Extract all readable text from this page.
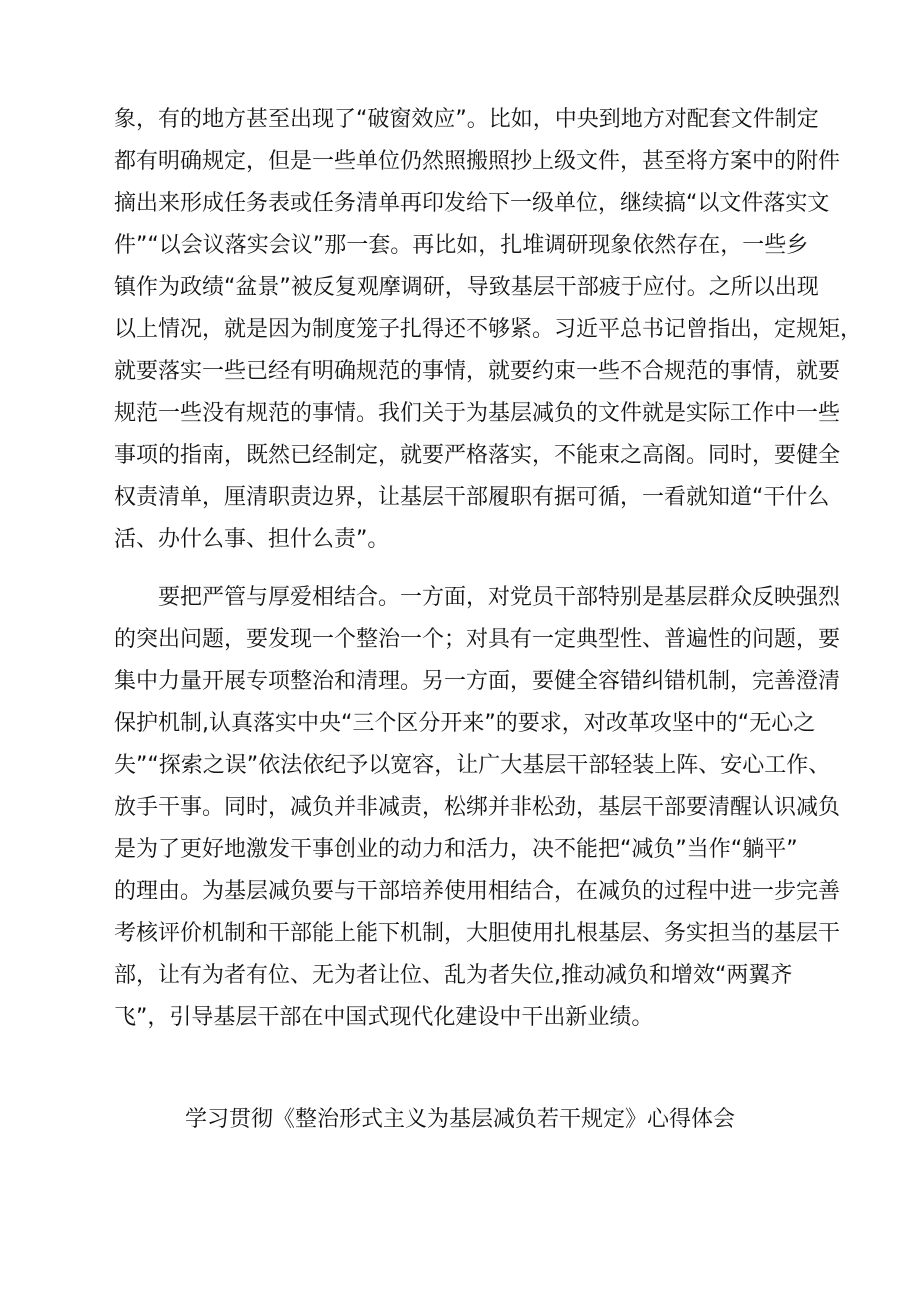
象，有的地方甚至出现了“破窗效应”。比如，中央到地方对配套文件制定
都有明确规定，但是一些单位仍然照搬照抄上级文件，甚至将方案中的附件
摘出来形成任务表或任务清单再印发给下一级单位，继续搞“以文件落实文
件”“以会议落实会议”那一套。再比如，扎堆调研现象依然存在，一些乡
镇作为政绩“盆景”被反复观摩调研，导致基层干部疲于应付。之所以出现
以上情况，就是因为制度笼子扎得还不够紧。习近平总书记曾指出，定规矩，
就要落实一些已经有明确规范的事情，就要约束一些不合规范的事情，就要
规范一些没有规范的事情。我们关于为基层减负的文件就是实际工作中一些
事项的指南，既然已经制定，就要严格落实，不能束之高阁。同时，要健全
权责清单，厘清职责边界，让基层干部履职有据可循，一看就知道“干什么
活、办什么事、担什么责”。
要把严管与厚爱相结合。一方面，对党员干部特别是基层群众反映强烈
的突出问题，要发现一个整治一个；对具有一定典型性、普遍性的问题，要
集中力量开展专项整治和清理。另一方面，要健全容错纠错机制，完善澄清
保护机制,认真落实中央“三个区分开来”的要求，对改革攻坚中的“无心之
失”“探索之误”依法依纪予以宽容，让广大基层干部轻装上阵、安心工作、
放手干事。同时，减负并非减责，松绑并非松劲，基层干部要清醒认识减负
是为了更好地激发干事创业的动力和活力，决不能把“减负”当作“躺平”
的理由。为基层减负要与干部培养使用相结合，在减负的过程中进一步完善
考核评价机制和干部能上能下机制，大胆使用扎根基层、务实担当的基层干
部，让有为者有位、无为者让位、乱为者失位,推动减负和增效“两翼齐
飞”，引导基层干部在中国式现代化建设中干出新业绩。
学习贯彻《整治形式主义为基层减负若干规定》心得体会
